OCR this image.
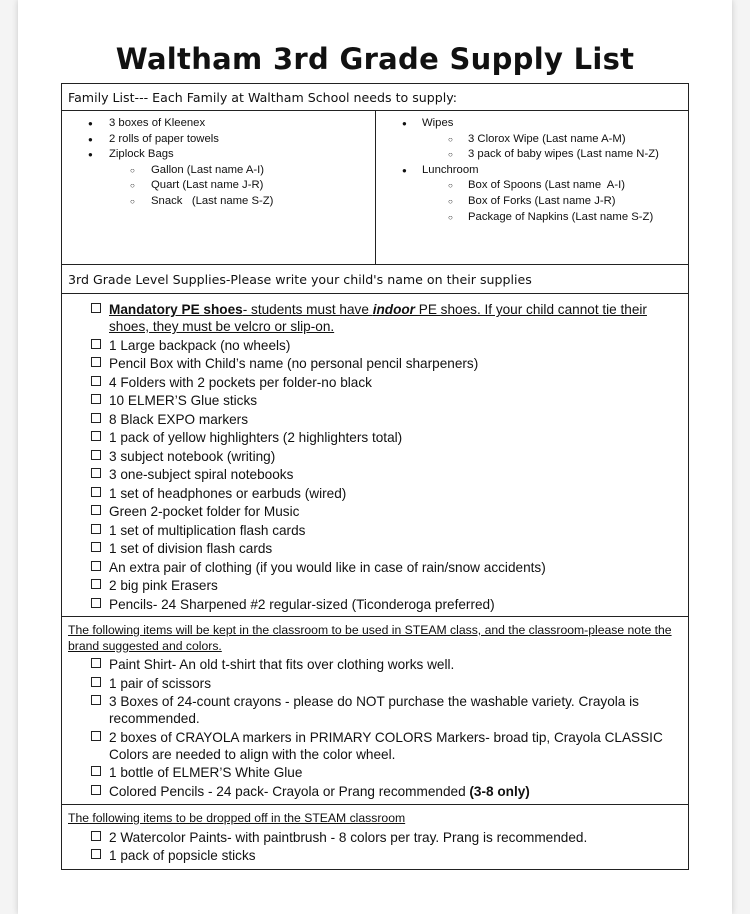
Waltham 3rd Grade Supply List
Family List--- Each Family at Waltham School needs to supply:
● 3 boxes of Kleenex
● 2 rolls of paper towels
● Ziplock Bags
○ Gallon (Last name A-I)
○ Quart (Last name J-R)
○ Snack   (Last name S-Z)
● Wipes
○ 3 Clorox Wipe (Last name A-M)
○ 3 pack of baby wipes (Last name N-Z)
● Lunchroom
○ Box of Spoons (Last name  A-I)
○ Box of Forks (Last name J-R)
○ Package of Napkins (Last name S-Z)
3rd Grade Level Supplies-Please write your child's name on their supplies
Mandatory PE shoes- students must have indoor PE shoes. If your child cannot tie their shoes, they must be velcro or slip-on.
1 Large backpack (no wheels)
Pencil Box with Child’s name (no personal pencil sharpeners)
4 Folders with 2 pockets per folder-no black
10 ELMER’S Glue sticks
8 Black EXPO markers
1 pack of yellow highlighters (2 highlighters total)
3 subject notebook (writing)
3 one-subject spiral notebooks
1 set of headphones or earbuds (wired)
Green 2-pocket folder for Music
1 set of multiplication flash cards
1 set of division flash cards
An extra pair of clothing (if you would like in case of rain/snow accidents)
2 big pink Erasers
Pencils- 24 Sharpened #2 regular-sized (Ticonderoga preferred)
The following items will be kept in the classroom to be used in STEAM class, and the classroom-please note the brand suggested and colors.
Paint Shirt- An old t-shirt that fits over clothing works well.
1 pair of scissors
3 Boxes of 24-count crayons - please do NOT purchase the washable variety. Crayola is recommended.
2 boxes of CRAYOLA markers in PRIMARY COLORS Markers- broad tip, Crayola CLASSIC Colors are needed to align with the color wheel.
1 bottle of ELMER’S White Glue
Colored Pencils - 24 pack- Crayola or Prang recommended (3-8 only)
The following items to be dropped off in the STEAM classroom
2 Watercolor Paints- with paintbrush - 8 colors per tray. Prang is recommended.
1 pack of popsicle sticks
